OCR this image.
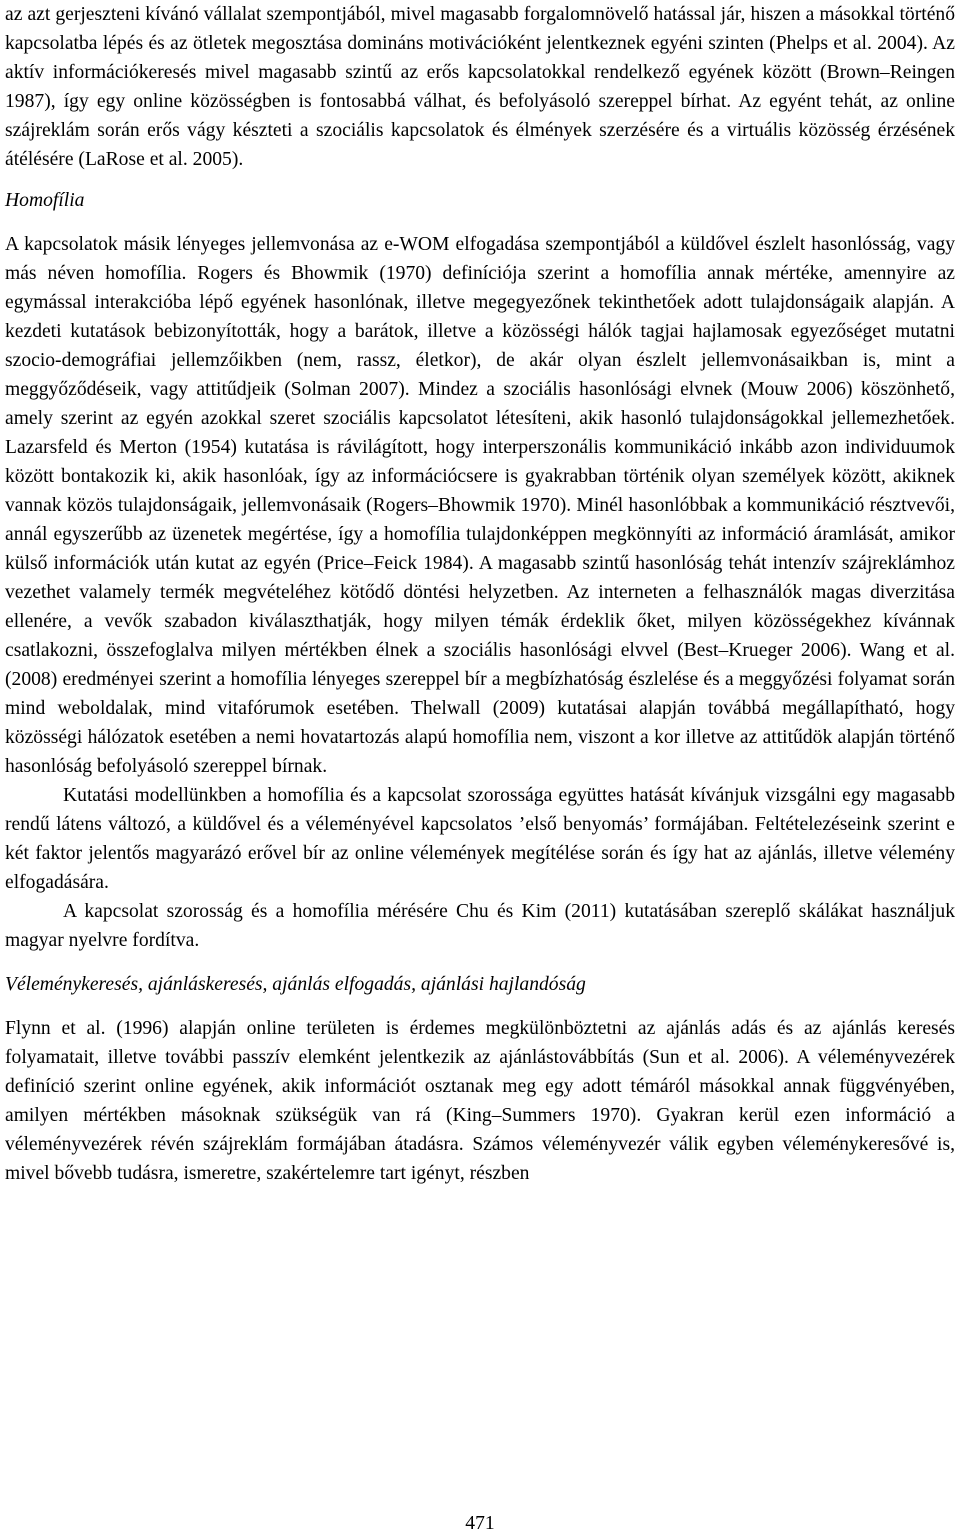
az azt gerjeszteni kívánó vállalat szempontjából, mivel magasabb forgalomnövelő hatással jár, hiszen a másokkal történő kapcsolatba lépés és az ötletek megosztása domináns motivációként jelentkeznek egyéni szinten (Phelps et al. 2004). Az aktív információkeresés mivel magasabb szintű az erős kapcsolatokkal rendelkező egyének között (Brown–Reingen 1987), így egy online közösségben is fontosabbá válhat, és befolyásoló szereppel bírhat. Az egyént tehát, az online szájreklám során erős vágy készteti a szociális kapcsolatok és élmények szerzésére és a virtuális közösség érzésének átélésére (LaRose et al. 2005).

Homofília

A kapcsolatok másik lényeges jellemvonása az e-WOM elfogadása szempontjából a küldővel észlelt hasonlósság, vagy más néven homofília. Rogers és Bhowmik (1970) definíciója szerint a homofília annak mértéke, amennyire az egymással interakcióba lépő egyének hasonlónak, illetve megegyezőnek tekinthetőek adott tulajdonságaik alapján. A kezdeti kutatások bebizonyították, hogy a barátok, illetve a közösségi hálók tagjai hajlamosak egyezőséget mutatni szocio-demográfiai jellemzőikben (nem, rassz, életkor), de akár olyan észlelt jellemvonásaikban is, mint a meggyőződéseik, vagy attitűdjeik (Solman 2007). Mindez a szociális hasonlósági elvnek (Mouw 2006) köszönhető, amely szerint az egyén azokkal szeret szociális kapcsolatot létesíteni, akik hasonló tulajdonságokkal jellemezhetőek. Lazarsfeld és Merton (1954) kutatása is rávilágított, hogy interperszonális kommunikáció inkább azon individuumok között bontakozik ki, akik hasonlóak, így az információcsere is gyakrabban történik olyan személyek között, akiknek vannak közös tulajdonságaik, jellemvonásaik (Rogers–Bhowmik 1970). Minél hasonlóbbak a kommunikáció résztvevői, annál egyszerűbb az üzenetek megértése, így a homofília tulajdonképpen megkönnyíti az információ áramlását, amikor külső információk után kutat az egyén (Price–Feick 1984). A magasabb szintű hasonlóság tehát intenzív szájreklámhoz vezethet valamely termék megvételéhez kötődő döntési helyzetben. Az interneten a felhasználók magas diverzitása ellenére, a vevők szabadon kiválaszthatják, hogy milyen témák érdeklik őket, milyen közösségekhez kívánnak csatlakozni, összefoglalva milyen mértékben élnek a szociális hasonlósági elvvel (Best–Krueger 2006). Wang et al. (2008) eredményei szerint a homofília lényeges szereppel bír a megbízhatóság észlelése és a meggyőzési folyamat során mind weboldalak, mind vitafórumok esetében. Thelwall (2009) kutatásai alapján továbbá megállapítható, hogy közösségi hálózatok esetében a nemi hovatartozás alapú homofília nem, viszont a kor illetve az attitűdök alapján történő hasonlóság befolyásoló szereppel bírnak.

Kutatási modellünkben a homofília és a kapcsolat szorossága együttes hatását kívánjuk vizsgálni egy magasabb rendű látens változó, a küldővel és a véleményével kapcsolatos ’első benyomás’ formájában. Feltételezéseink szerint e két faktor jelentős magyarázó erővel bír az online vélemények megítélése során és így hat az ajánlás, illetve vélemény elfogadására.

A kapcsolat szorosság és a homofília mérésére Chu és Kim (2011) kutatásában szereplő skálákat használjuk magyar nyelvre fordítva.

Véleménykeresés, ajánláskeresés, ajánlás elfogadás, ajánlási hajlandóság

Flynn et al. (1996) alapján online területen is érdemes megkülönböztetni az ajánlás adás és az ajánlás keresés folyamatait, illetve további passzív elemként jelentkezik az ajánlástovábbítás (Sun et al. 2006). A véleményvezérek definíció szerint online egyének, akik információt osztanak meg egy adott témáról másokkal annak függvényében, amilyen mértékben másoknak szükségük van rá (King–Summers 1970). Gyakran kerül ezen információ a véleményvezérek révén szájreklám formájában átadásra. Számos véleményvezér válik egyben véleménykeresővé is, mivel bővebb tudásra, ismeretre, szakértelemre tart igényt, részben

471
